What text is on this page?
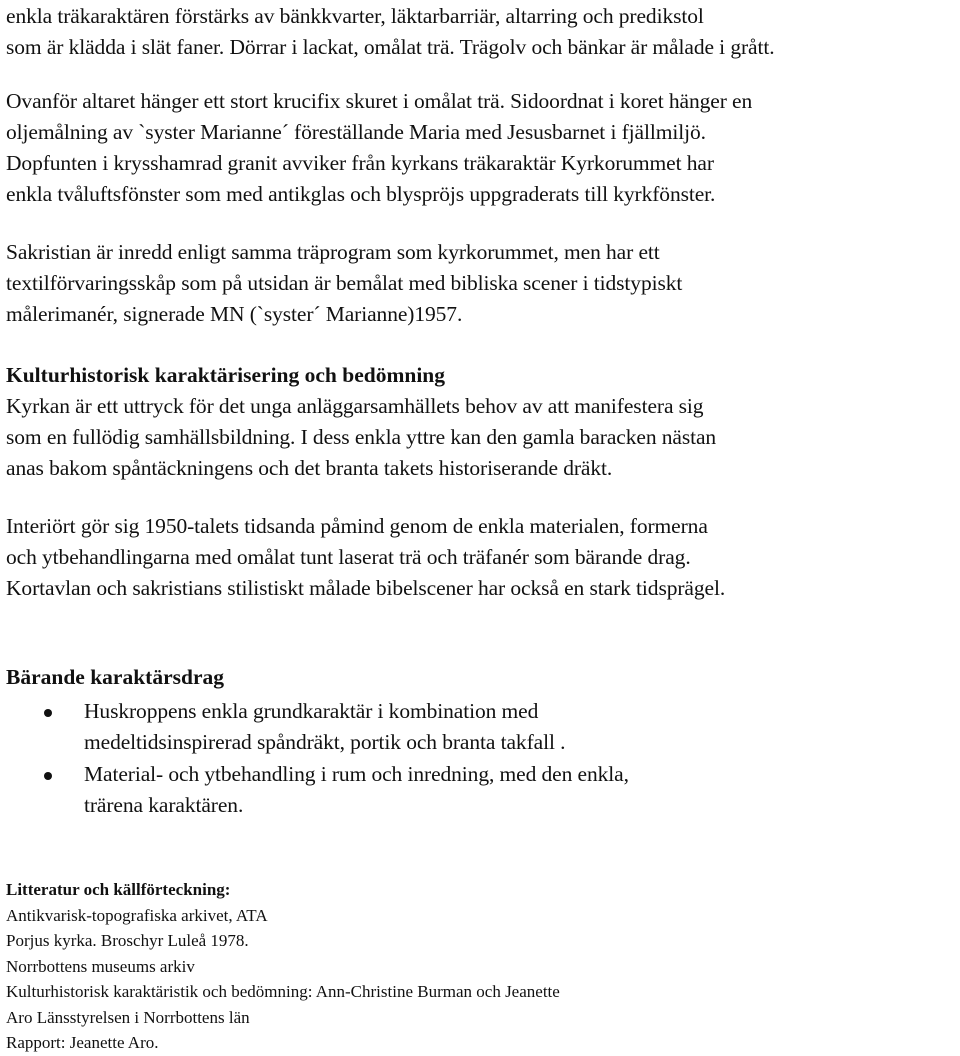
enkla träkaraktären förstärks av bänkkvarter, läktarbarriär, altarring och predikstol
som är klädda i slät faner. Dörrar i lackat, omålat trä. Trägolv och bänkar är målade i grått.
Ovanför altaret hänger ett stort krucifix skuret i omålat trä. Sidoordnat i koret hänger en
oljemålning av `syster Marianne´ föreställande Maria med Jesusbarnet i fjällmiljö.
Dopfunten i krysshamrad granit avviker från kyrkans träkaraktär Kyrkorummet har
enkla tvåluftsfönster som med antikglas och blyspröjs uppgraderats till kyrkfönster.
Sakristian är inredd enligt samma träprogram som kyrkorummet, men har ett
textilförvaringsskåp som på utsidan är bemålat med bibliska scener i tidstypiskt
målerimanér, signerade MN (`syster´ Marianne)1957.
Kulturhistorisk karaktärisering och bedömning
Kyrkan är ett uttryck för det unga anläggarsamhällets behov av att manifestera sig
som en fullödig samhällsbildning. I dess enkla yttre kan den gamla baracken nästan
anas bakom spåntäckningens och det branta takets historiserande dräkt.
Interiört gör sig 1950-talets tidsanda påmind genom de enkla materialen, formerna
och ytbehandlingarna med omålat tunt laserat trä och träfanér som bärande drag.
Kortavlan och sakristians stilistiskt målade bibelscener har också en stark tidsprägel.
Bärande karaktärsdrag
Huskroppens enkla grundkaraktär i kombination med
medeltidsinspirerad spåndräkt, portik och branta takfall .
Material- och ytbehandling i rum och inredning, med den enkla,
trärena karaktären.
Litteratur och källförteckning:
Antikvarisk-topografiska arkivet, ATA
Porjus kyrka. Broschyr Luleå 1978.
Norrbottens museums arkiv
Kulturhistorisk karaktäristik och bedömning: Ann-Christine Burman och Jeanette
Aro Länsstyrelsen i Norrbottens län
Rapport: Jeanette Aro.
